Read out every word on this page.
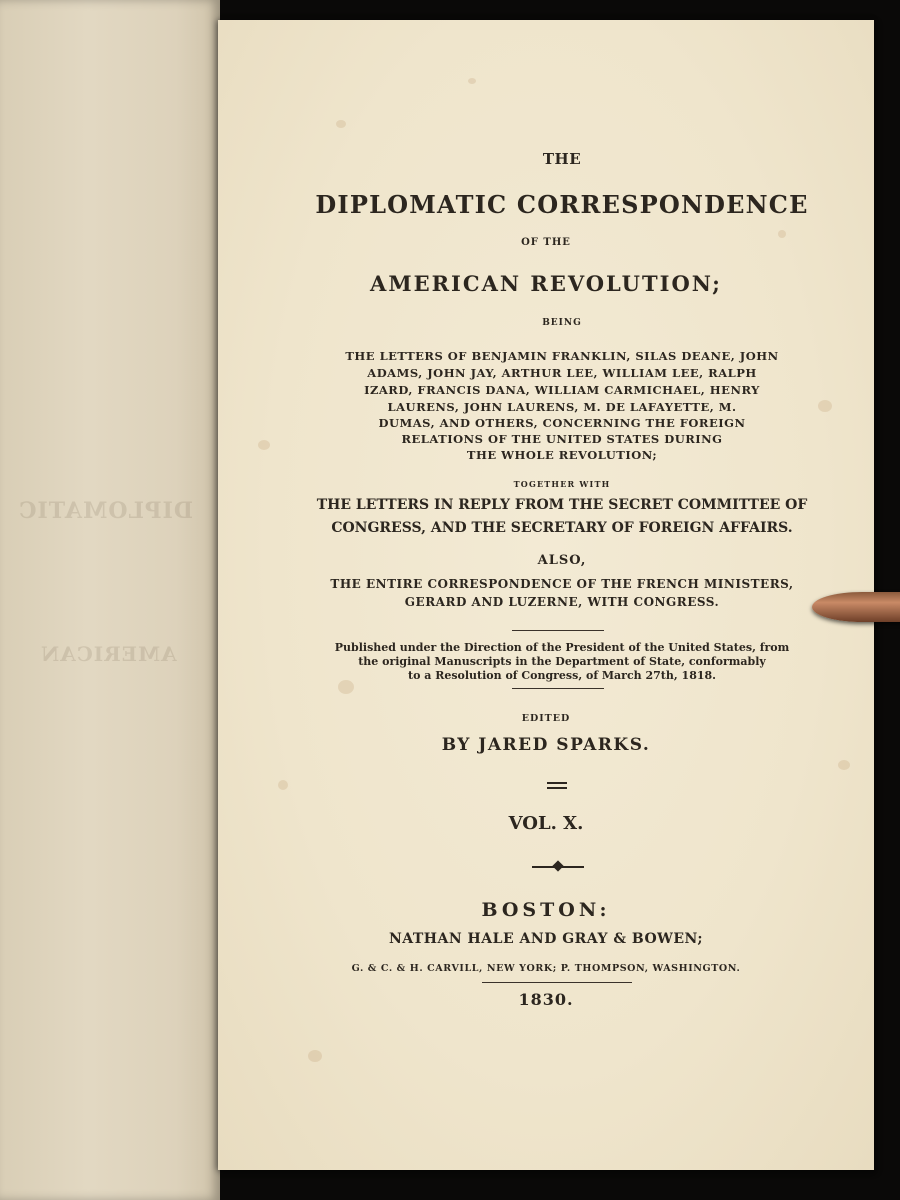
DIPLOMATIC
AMERICAN
THE
DIPLOMATIC CORRESPONDENCE
OF THE
AMERICAN REVOLUTION;
BEING
THE LETTERS OF BENJAMIN FRANKLIN, SILAS DEANE, JOHN
ADAMS, JOHN JAY, ARTHUR LEE, WILLIAM LEE, RALPH
IZARD, FRANCIS DANA, WILLIAM CARMICHAEL, HENRY
LAURENS, JOHN LAURENS, M. DE LAFAYETTE, M.
DUMAS, AND OTHERS, CONCERNING THE FOREIGN
RELATIONS OF THE UNITED STATES DURING
THE WHOLE REVOLUTION;
TOGETHER WITH
THE LETTERS IN REPLY FROM THE SECRET COMMITTEE OF
CONGRESS, AND THE SECRETARY OF FOREIGN AFFAIRS.
ALSO,
THE ENTIRE CORRESPONDENCE OF THE FRENCH MINISTERS,
GERARD AND LUZERNE, WITH CONGRESS.
Published under the Direction of the President of the United States, from
the original Manuscripts in the Department of State, conformably
to a Resolution of Congress, of March 27th, 1818.
EDITED
BY JARED SPARKS.
VOL. X.
BOSTON:
NATHAN HALE AND GRAY & BOWEN;
G. & C. & H. CARVILL, NEW YORK; P. THOMPSON, WASHINGTON.
1830.
